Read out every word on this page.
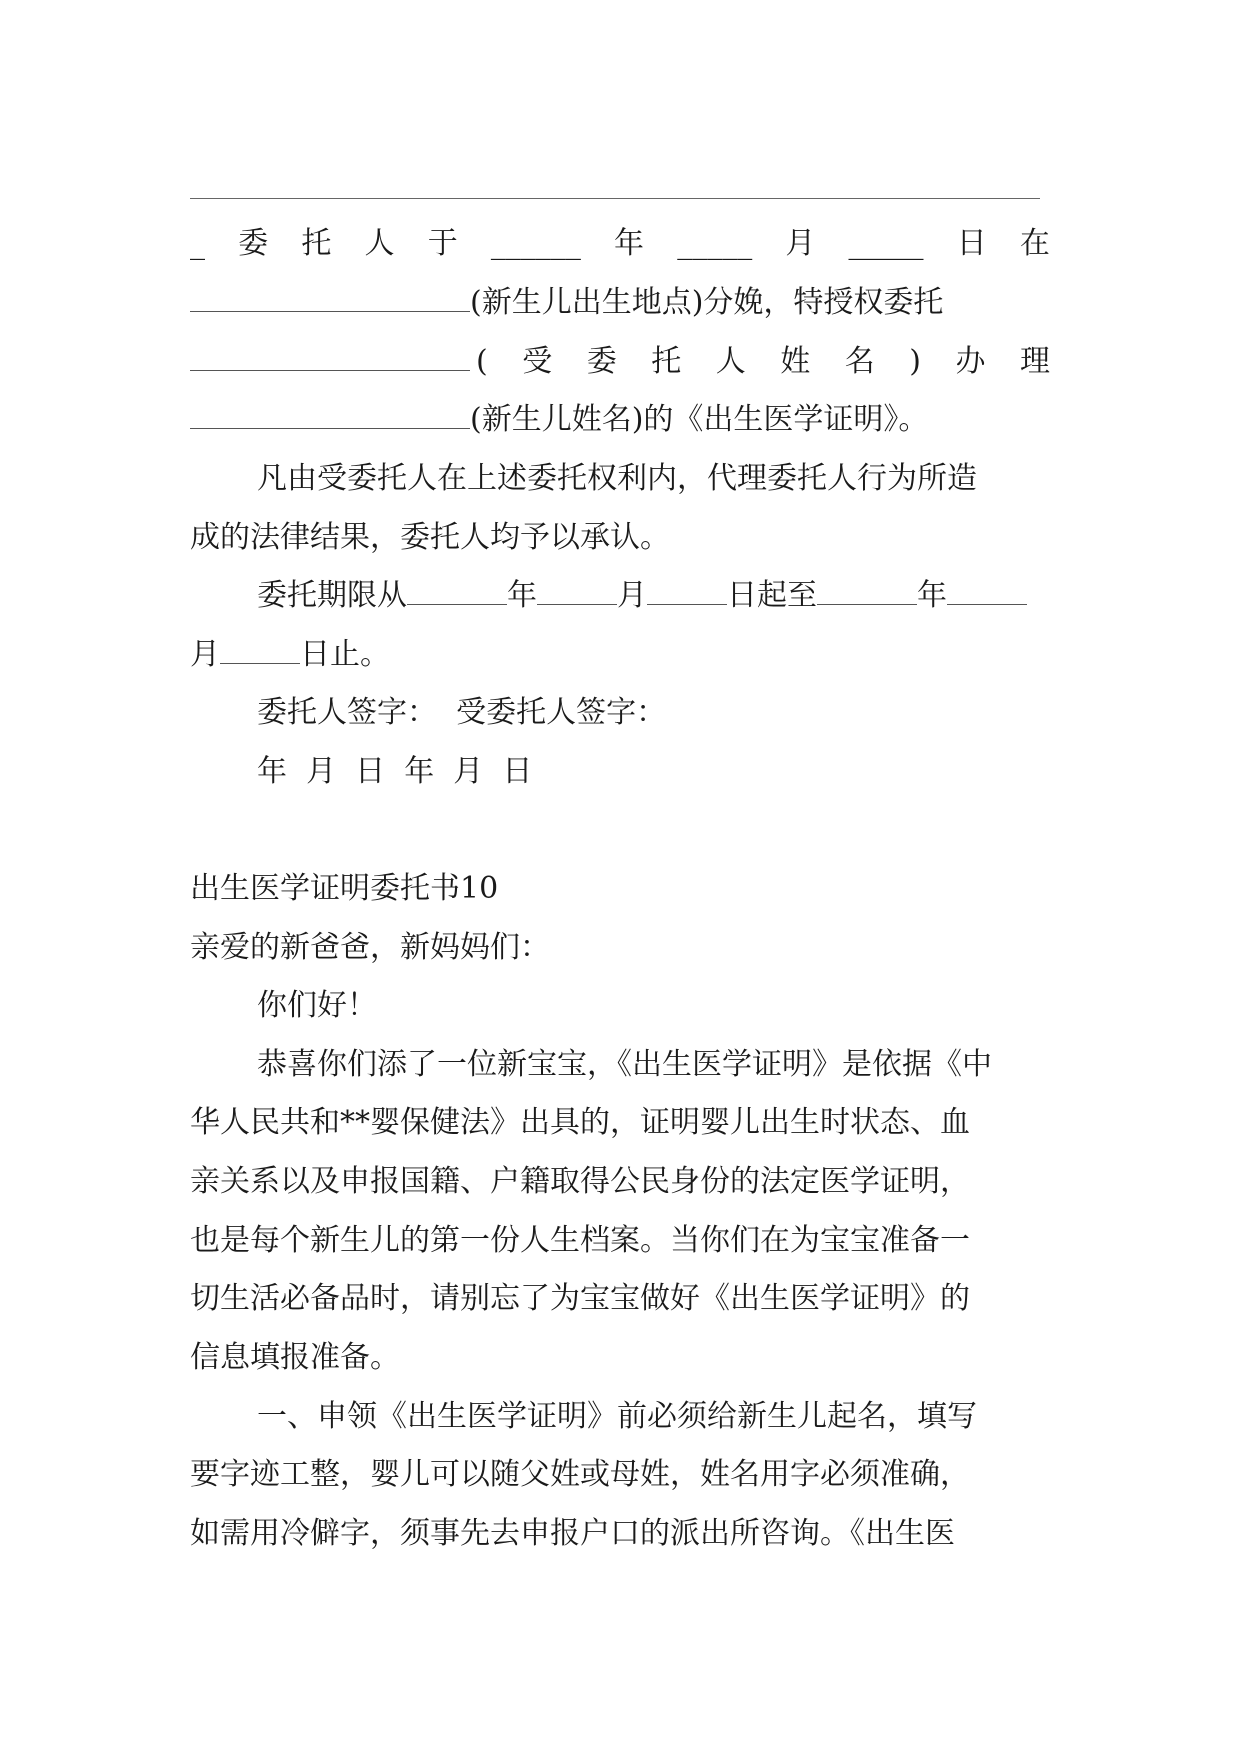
_ 委 托 人 于 ______ 年 _____ 月 _____ 日 在
(新生儿出生地点)分娩，特授权委托
( 受 委 托 人 姓 名 ) 办 理
(新生儿姓名)的《出生医学证明》。
凡由受委托人在上述委托权利内，代理委托人行为所造
成的法律结果，委托人均予以承认。
委托期限从	年	月	日起至	年
月	日止。
委托人签字：  受委托人签字：
年  月  日  年  月  日
出生医学证明委托书10
亲爱的新爸爸，新妈妈们：
你们好！
恭喜你们添了一位新宝宝，《出生医学证明》是依据《中
华人民共和**婴保健法》出具的，证明婴儿出生时状态、血
亲关系以及申报国籍、户籍取得公民身份的法定医学证明，
也是每个新生儿的第一份人生档案。当你们在为宝宝准备一
切生活必备品时，请别忘了为宝宝做好《出生医学证明》的
信息填报准备。
一、申领《出生医学证明》前必须给新生儿起名，填写
要字迹工整，婴儿可以随父姓或母姓，姓名用字必须准确，
如需用冷僻字，须事先去申报户口的派出所咨询。《出生医
